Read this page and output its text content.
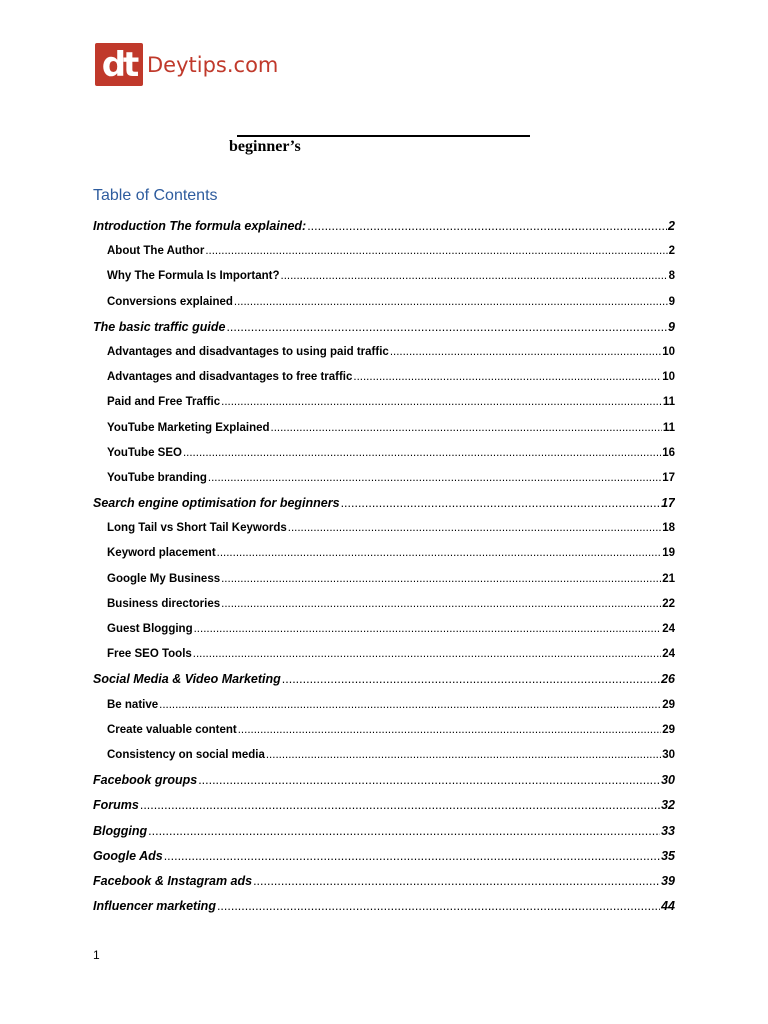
dt Deytips.com
beginner’s
Table of Contents
Introduction The formula explained: .....	2
About The Author .....	2
Why The Formula Is Important? .....	8
Conversions explained .....	9
The basic traffic guide .....	9
Advantages and disadvantages to using paid traffic .....	10
Advantages and disadvantages to free traffic .....	10
Paid and Free Traffic .....	11
YouTube Marketing Explained .....	11
YouTube SEO .....	16
YouTube branding .....	17
Search engine optimisation for beginners .....	17
Long Tail vs Short Tail Keywords .....	18
Keyword placement .....	19
Google My Business .....	21
Business directories .....	22
Guest Blogging .....	24
Free SEO Tools .....	24
Social Media & Video Marketing .....	26
Be native .....	29
Create valuable content .....	29
Consistency on social media .....	30
Facebook groups .....	30
Forums .....	32
Blogging .....	33
Google Ads .....	35
Facebook & Instagram ads .....	39
Influencer marketing .....	44
1
